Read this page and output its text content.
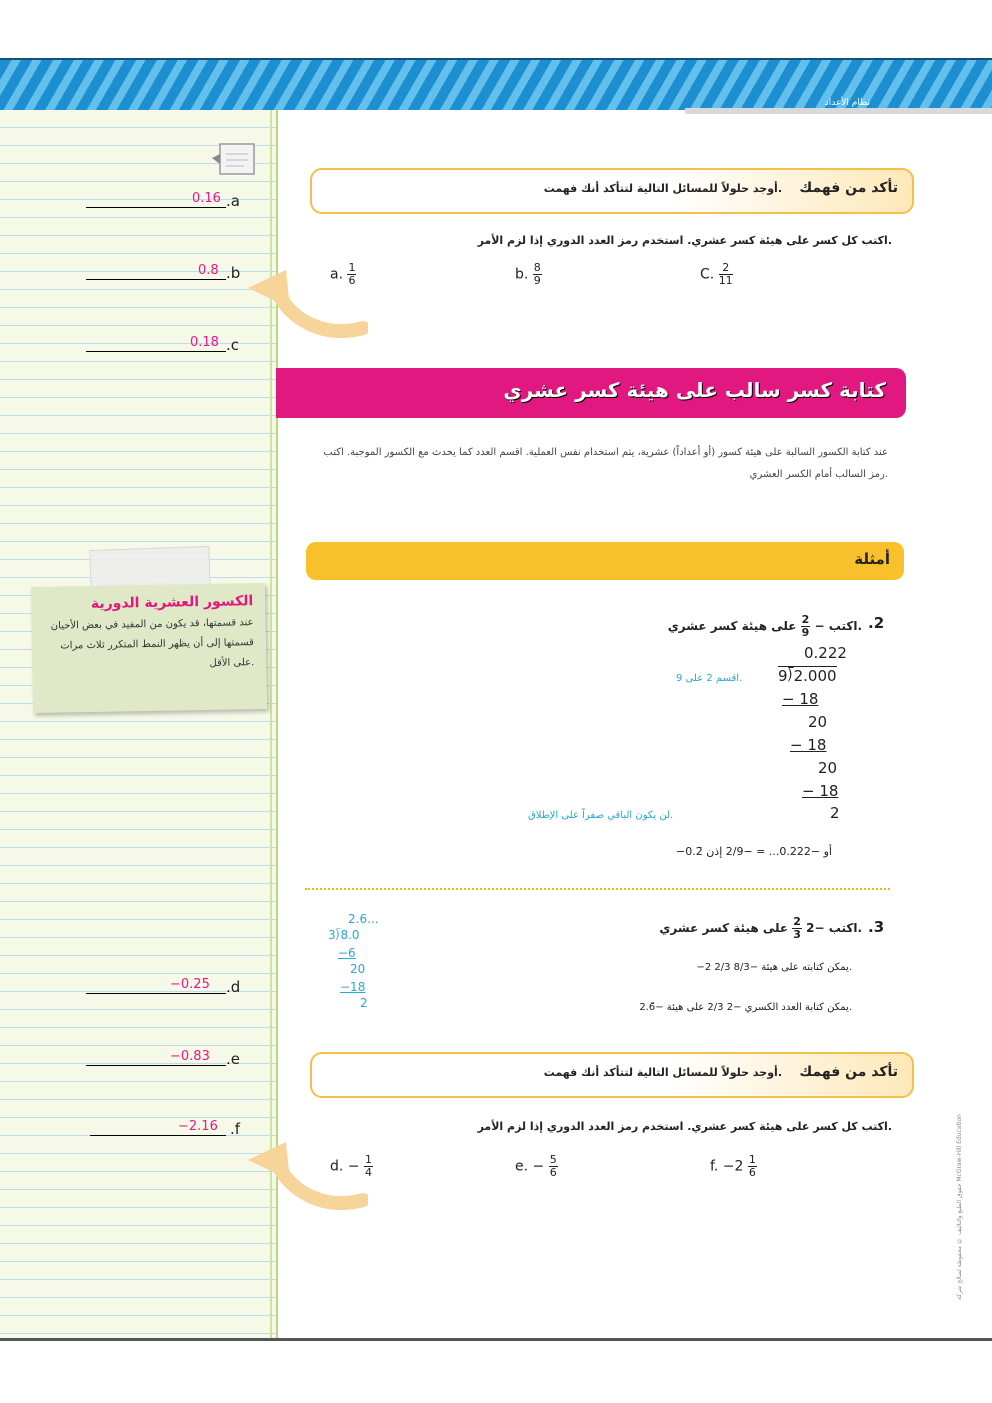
نظام الأعداد
0.16 .a
0.8 .b
0.18 .c
الكسور العشرية الدورية

عند قسمتها، قد يكون من المفيد في بعض الأحيان قسمتها إلى أن يظهر النمط المتكرر ثلاث مرات على الأقل.

−0.25 .d
−0.83 .e
−2.16 .f
تأكد من فهمك
أوجد حلولاً للمسائل التالية لتتأكد أنك فهمت.
اكتب كل كسر على هيئة كسر عشري. استخدم رمز العدد الدوري إذا لزم الأمر.
a. $\frac{1}{6}$	b. $\frac{8}{9}$	C. $\frac{2}{11}$
كتابة كسر سالب على هيئة كسر عشري
عند كتابة الكسور السالبة على هيئة كسور (أو أعداداً) عشرية، يتم استخدام نفس العملية. اقسم العدد كما يحدث مع الكسور الموجبة. اكتب رمز السالب أمام الكسر العشري.
أمثلة
.2
اكتب −
$\frac{2}{9}$
على هيئة كسر عشري.
0.222
9⟌2.000
− 18
20
− 18
20
− 18
2
اقسم 2 على 9.
لن يكون الباقي صفراً على الإطلاق.
−0.2̄ أو −0.222... = −2/9 إذن
.3
اكتب −2
$\frac{2}{3}$
على هيئة كسر عشري.
−2 2/3 يمكن كتابته على هيئة −8/3.
يمكن كتابة العدد الكسري −2 2/3 على هيئة −2.6̄.
2.6...
3⟌8.0
−6
20
−18
2
تأكد من فهمك
أوجد حلولاً للمسائل التالية لتتأكد أنك فهمت.
اكتب كل كسر على هيئة كسر عشري. استخدم رمز العدد الدوري إذا لزم الأمر.
d. − $\frac{1}{4}$	e. − $\frac{5}{6}$	f. $-2 \frac{1}{6}$
حقوق الطبع والتأليف © محفوظة لصالح شركة McGraw-Hill Education
